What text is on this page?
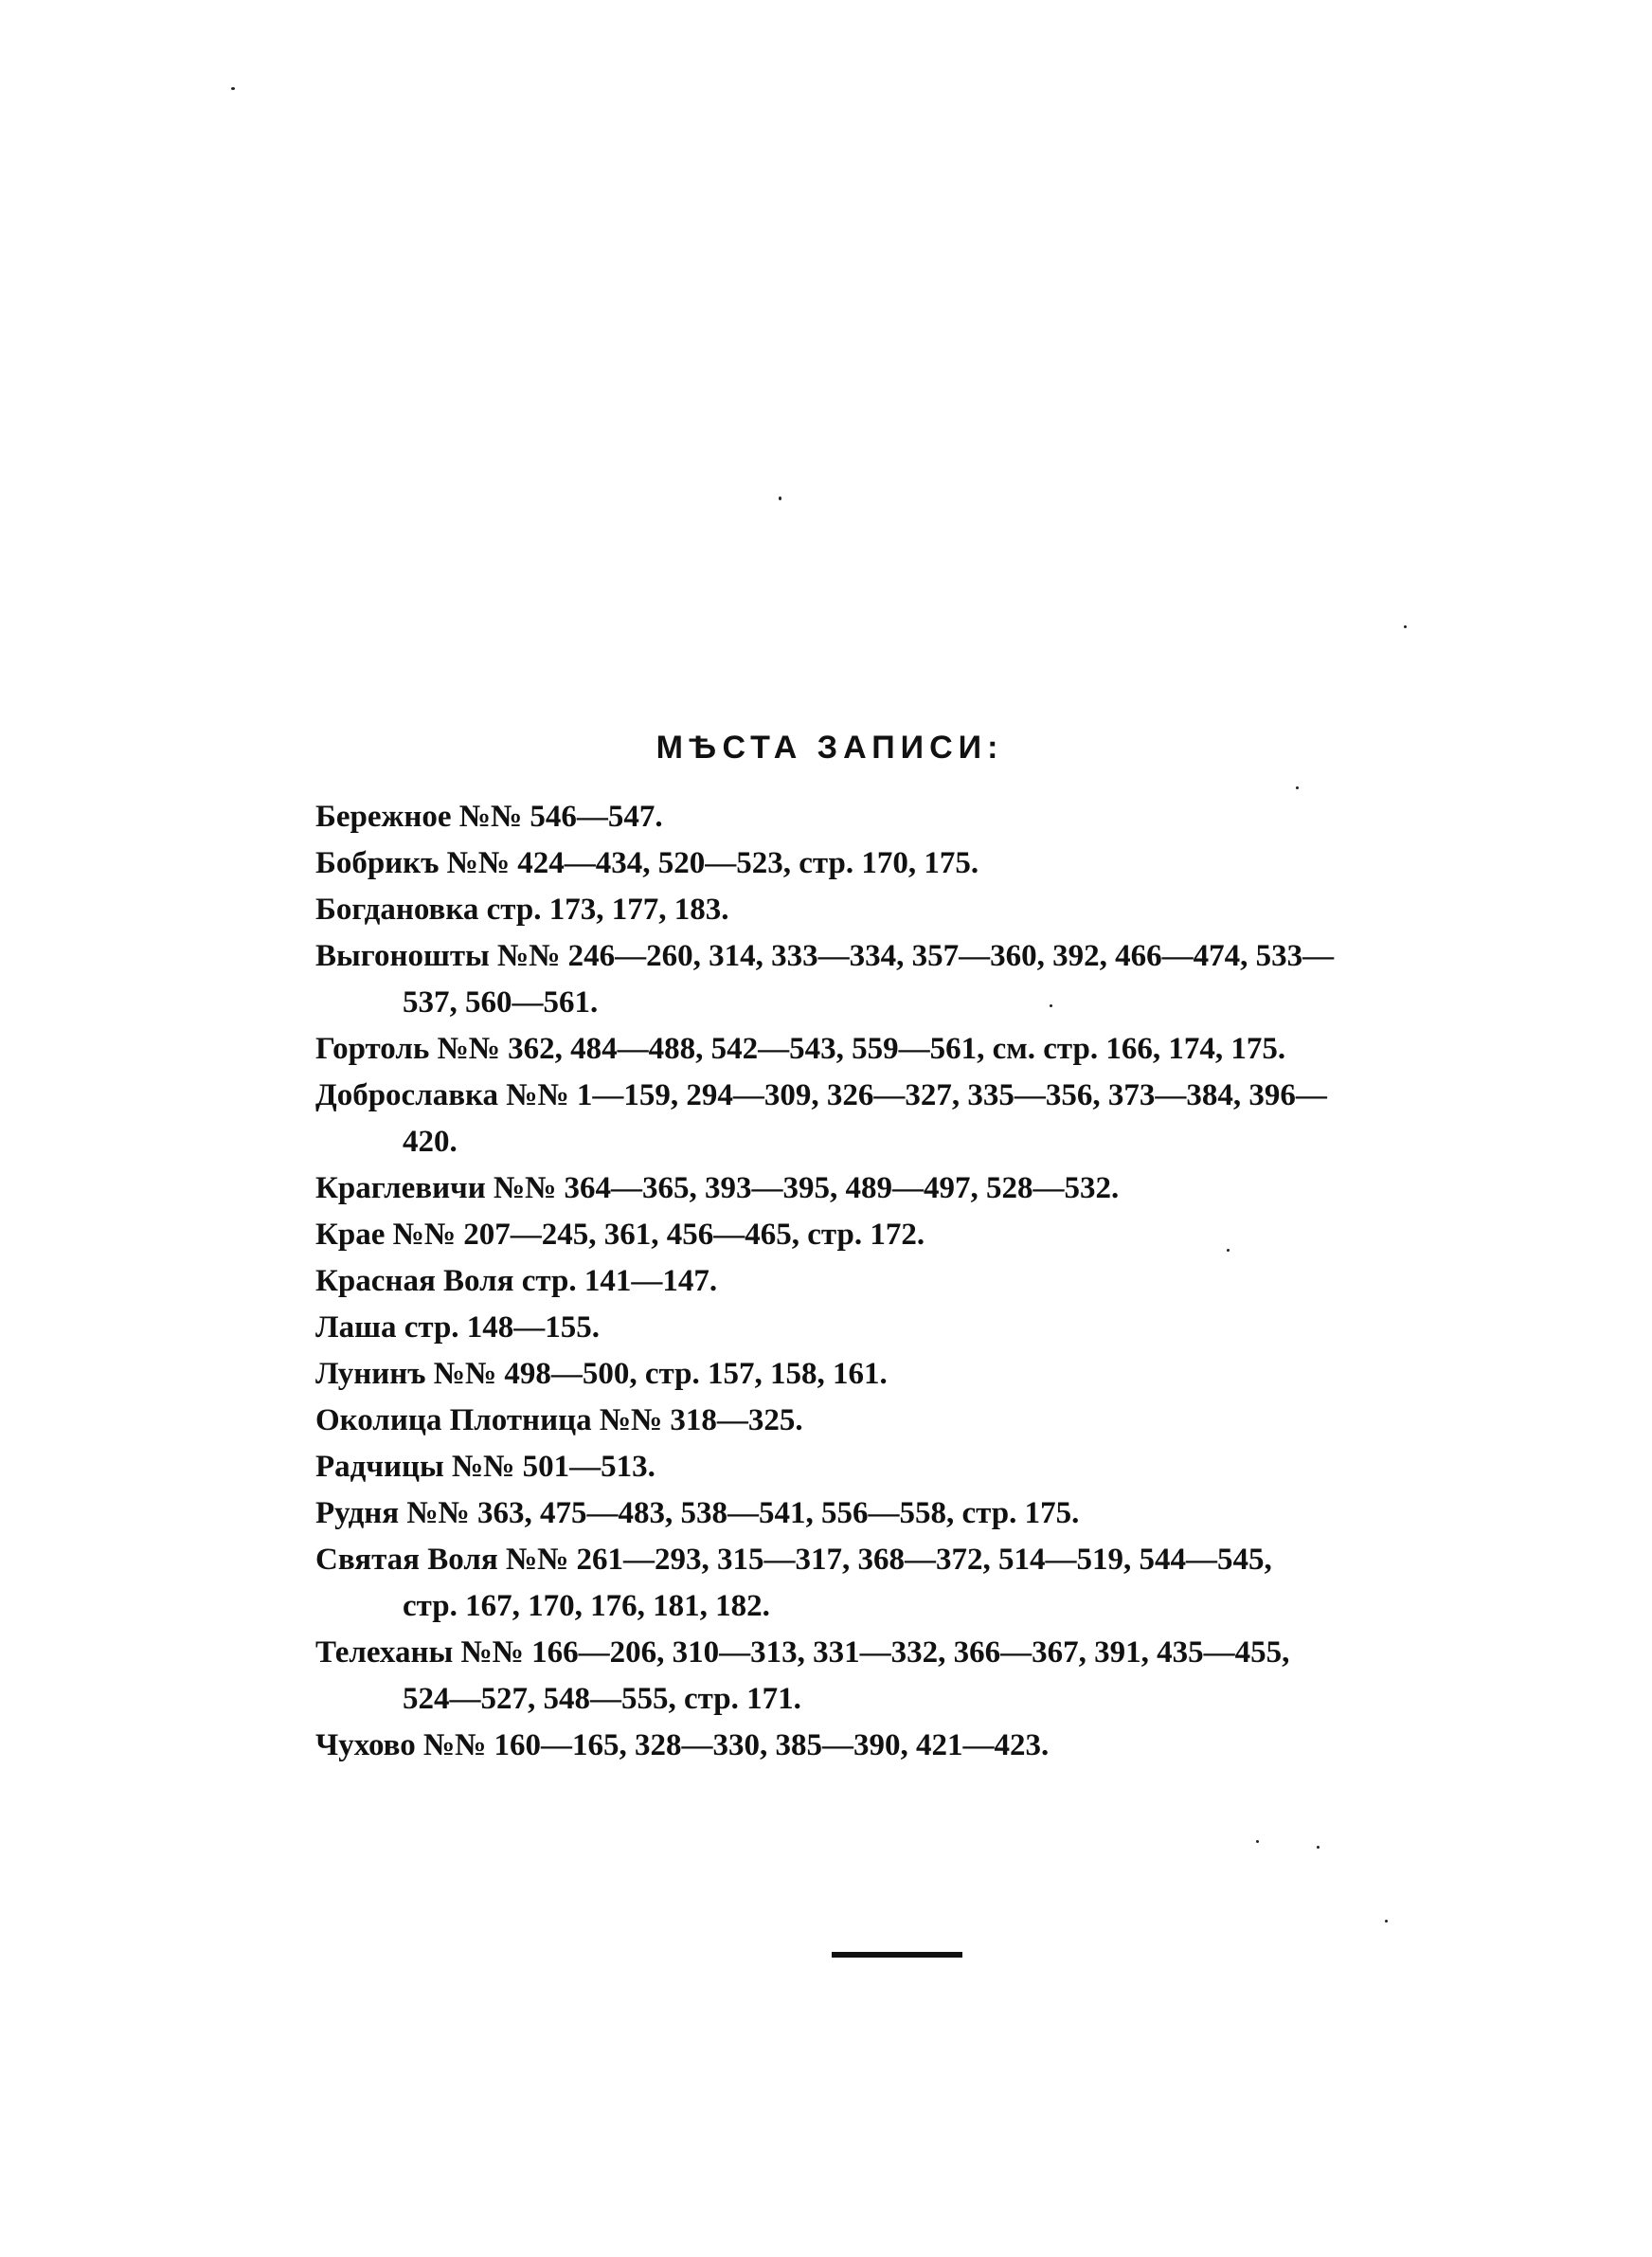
МѢСТА ЗАПИСИ:
Бережное №№ 546—547.
Бобрикъ №№ 424—434, 520—523, стр. 170, 175.
Богдановка стр. 173, 177, 183.
Выгоношты №№ 246—260, 314, 333—334, 357—360, 392, 466—474, 533—
537, 560—561.
Гортоль №№ 362, 484—488, 542—543, 559—561, см. стр. 166, 174, 175.
Доброславка №№ 1—159, 294—309, 326—327, 335—356, 373—384, 396—
420.
Краглевичи №№ 364—365, 393—395, 489—497, 528—532.
Крае №№ 207—245, 361, 456—465, стр. 172.
Красная Воля стр. 141—147.
Лаша стр. 148—155.
Лунинъ №№ 498—500, стр. 157, 158, 161.
Околица Плотница №№ 318—325.
Радчицы №№ 501—513.
Рудня №№ 363, 475—483, 538—541, 556—558, стр. 175.
Святая Воля №№ 261—293, 315—317, 368—372, 514—519, 544—545,
стр. 167, 170, 176, 181, 182.
Телеханы №№ 166—206, 310—313, 331—332, 366—367, 391, 435—455,
524—527, 548—555, стр. 171.
Чухово №№ 160—165, 328—330, 385—390, 421—423.
